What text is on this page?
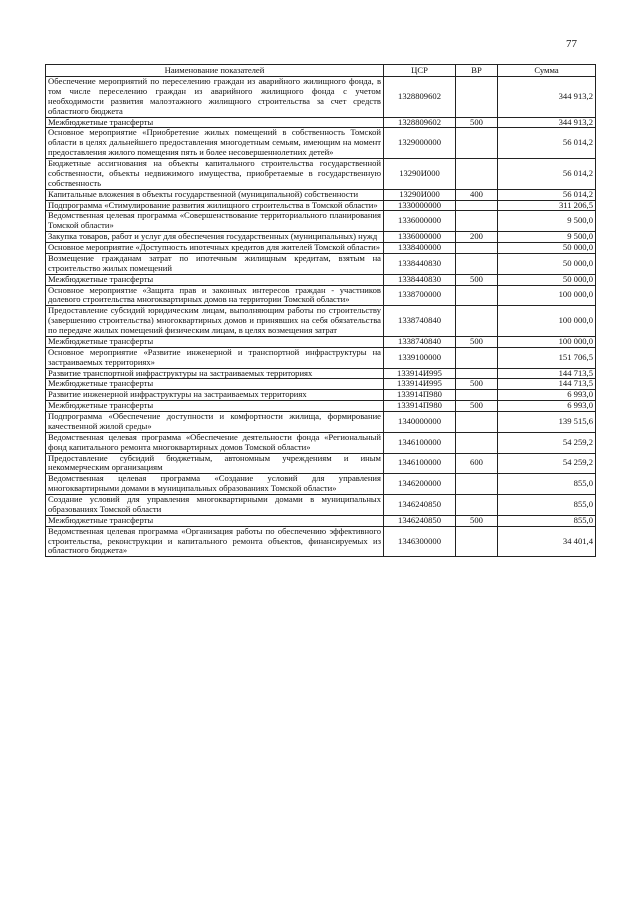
77
Наименование показателей	ЦСР	ВР	Сумма
Обеспечение мероприятий по переселению граждан из аварийного жилищного фонда, в том числе переселению граждан из аварийного жилищного фонда с учетом необходимости развития малоэтажного жилищного строительства за счет средств областного бюджета	1328809602		344 913,2
Межбюджетные трансферты	1328809602	500	344 913,2
Основное мероприятие «Приобретение жилых помещений в собственность Томской области в целях дальнейшего предоставления многодетным семьям, имеющим на момент предоставления жилого помещения пять и более несовершеннолетних детей»	1329000000		56 014,2
Бюджетные ассигнования на объекты капитального строительства государственной собственности, объекты недвижимого имущества, приобретаемые в государственную собственность	13290И000		56 014,2
Капитальные вложения в объекты государственной (муниципальной) собственности	13290И000	400	56 014,2
Подпрограмма «Стимулирование развития жилищного строительства в Томской области»	1330000000		311 206,5
Ведомственная целевая программа «Совершенствование территориального планирования Томской области»	1336000000		9 500,0
Закупка товаров, работ и услуг для обеспечения государственных (муниципальных) нужд	1336000000	200	9 500,0
Основное мероприятие «Доступность ипотечных кредитов для жителей Томской области»	1338400000		50 000,0
Возмещение гражданам затрат по ипотечным жилищным кредитам, взятым на строительство жилых помещений	1338440830		50 000,0
Межбюджетные трансферты	1338440830	500	50 000,0
Основное мероприятие «Защита прав и законных интересов граждан - участников долевого строительства многоквартирных домов на территории Томской области»	1338700000		100 000,0
Предоставление субсидий юридическим лицам, выполняющим работы по строительству (завершению строительства) многоквартирных домов и принявших на себя обязательства по передаче жилых помещений физическим лицам, в целях возмещения затрат	1338740840		100 000,0
Межбюджетные трансферты	1338740840	500	100 000,0
Основное мероприятие «Развитие инженерной и транспортной инфраструктуры на застраиваемых территориях»	1339100000		151 706,5
Развитие транспортной инфраструктуры на застраиваемых территориях	133914И995		144 713,5
Межбюджетные трансферты	133914И995	500	144 713,5
Развитие инженерной инфраструктуры на застраиваемых территориях	133914П980		6 993,0
Межбюджетные трансферты	133914П980	500	6 993,0
Подпрограмма «Обеспечение доступности и комфортности жилища, формирование качественной жилой среды»	1340000000		139 515,6
Ведомственная целевая программа «Обеспечение деятельности фонда «Региональный фонд капитального ремонта многоквартирных домов Томской области»	1346100000		54 259,2
Предоставление субсидий бюджетным, автономным учреждениям и иным некоммерческим организациям	1346100000	600	54 259,2
Ведомственная целевая программа «Создание условий для управления многоквартирными домами в муниципальных образованиях Томской области»	1346200000		855,0
Создание условий для управления многоквартирными домами в муниципальных образованиях Томской области	1346240850		855,0
Межбюджетные трансферты	1346240850	500	855,0
Ведомственная целевая программа «Организация работы по обеспечению эффективного строительства, реконструкции и капитального ремонта объектов, финансируемых из областного бюджета»	1346300000		34 401,4
